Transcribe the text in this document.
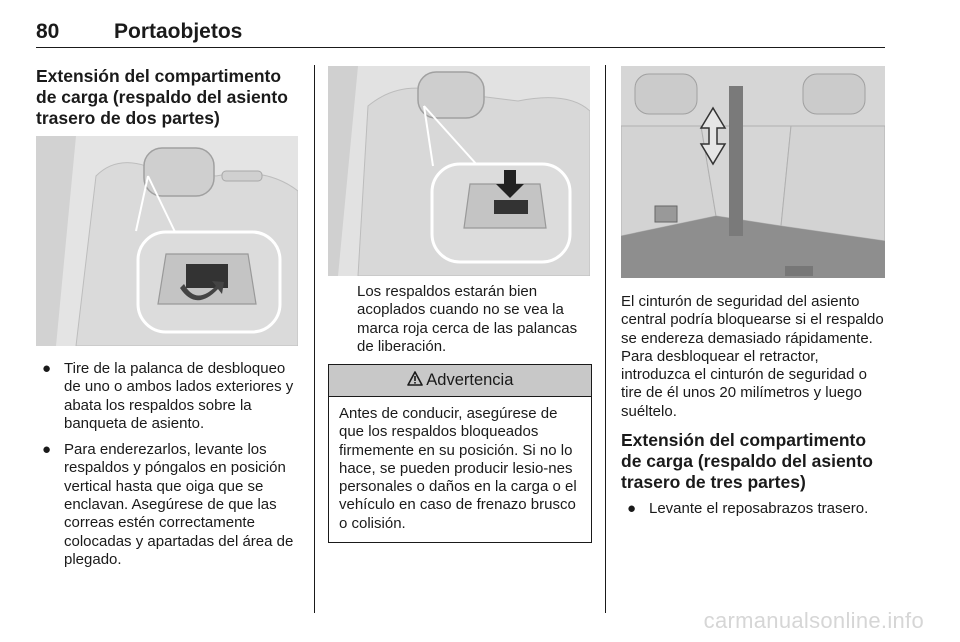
80	Portaobjetos
Extensión del compartimento de carga (respaldo del asiento trasero de dos partes)
● Tire de la palanca de desbloqueo de uno o ambos lados exteriores y abata los respaldos sobre la banqueta de asiento.
● Para enderezarlos, levante los respaldos y póngalos en posición vertical hasta que oiga que se enclavan. Asegúrese de que las correas estén correctamente colocadas y apartadas del área de plegado.
Los respaldos estarán bien acoplados cuando no se vea la marca roja cerca de las palancas de liberación.
Advertencia
Antes de conducir, asegúrese de que los respaldos bloqueados firmemente en su posición. Si no lo hace, se pueden producir lesio-nes personales o daños en la carga o el vehículo en caso de frenazo brusco o colisión.
El cinturón de seguridad del asiento central podría bloquearse si el respaldo se endereza demasiado rápidamente. Para desbloquear el retractor, introduzca el cinturón de seguridad o tire de él unos 20 milímetros y luego suéltelo.
Extensión del compartimento de carga (respaldo del asiento trasero de tres partes)
● Levante el reposabrazos trasero.
carmanualsonline.info
